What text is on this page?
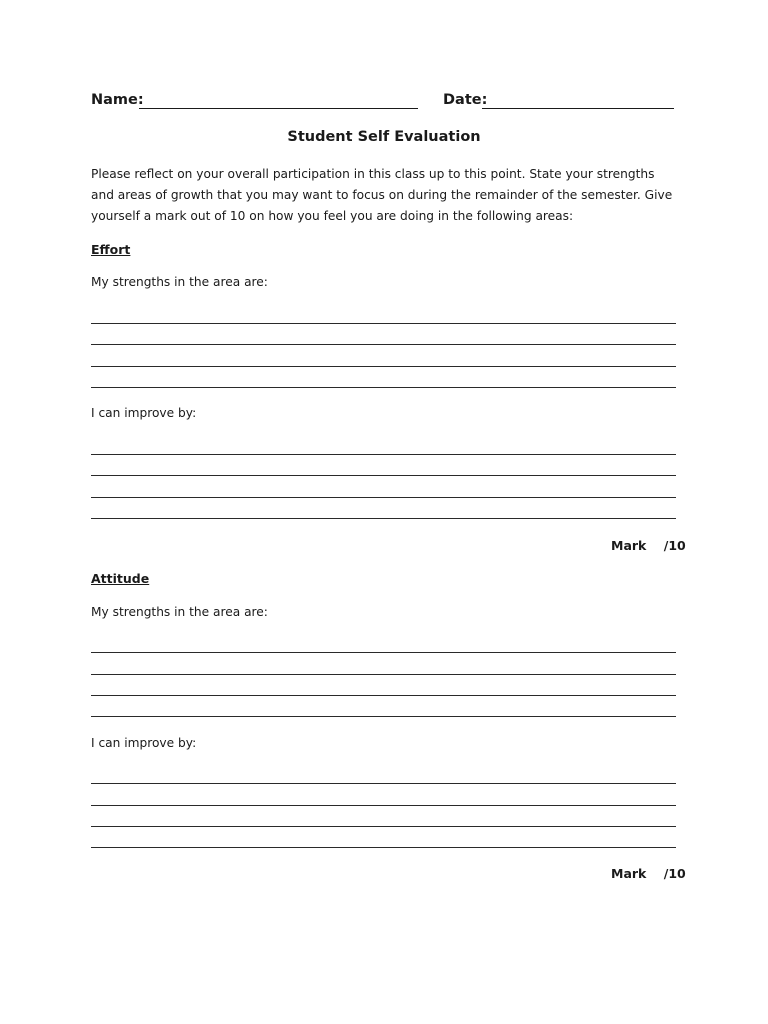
Name:	Date:
Student Self Evaluation
Please reflect on your overall participation in this class up to this point. State your strengths and areas of growth that you may want to focus on during the remainder of the semester. Give yourself a mark out of 10 on how you feel you are doing in the following areas:
Effort
My strengths in the area are:
I can improve by:
Mark    /10
Attitude
My strengths in the area are:
I can improve by:
Mark    /10
